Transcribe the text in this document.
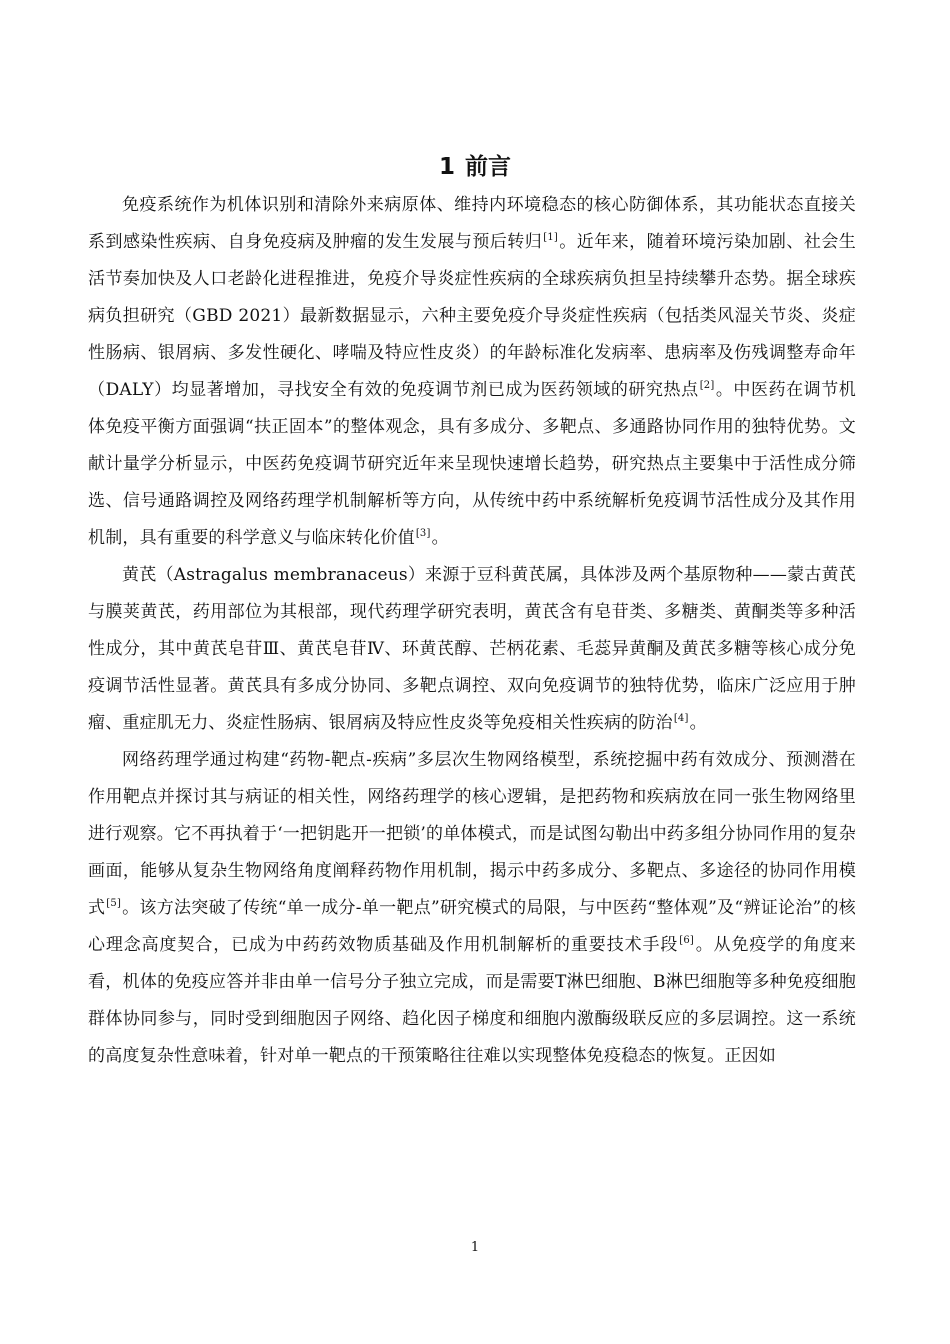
1 前言

免疫系统作为机体识别和清除外来病原体、维持内环境稳态的核心防御体系，其功能状态直接关系到感染性疾病、自身免疫病及肿瘤的发生发展与预后转归[1]。近年来，随着环境污染加剧、社会生活节奏加快及人口老龄化进程推进，免疫介导炎症性疾病的全球疾病负担呈持续攀升态势。据全球疾病负担研究（GBD 2021）最新数据显示，六种主要免疫介导炎症性疾病（包括类风湿关节炎、炎症性肠病、银屑病、多发性硬化、哮喘及特应性皮炎）的年龄标准化发病率、患病率及伤残调整寿命年（DALY）均显著增加，寻找安全有效的免疫调节剂已成为医药领域的研究热点[2]。中医药在调节机体免疫平衡方面强调“扶正固本”的整体观念，具有多成分、多靶点、多通路协同作用的独特优势。文献计量学分析显示，中医药免疫调节研究近年来呈现快速增长趋势，研究热点主要集中于活性成分筛选、信号通路调控及网络药理学机制解析等方向，从传统中药中系统解析免疫调节活性成分及其作用机制，具有重要的科学意义与临床转化价值[3]。

黄芪（Astragalus membranaceus）来源于豆科黄芪属，具体涉及两个基原物种——蒙古黄芪与膜荚黄芪，药用部位为其根部，现代药理学研究表明，黄芪含有皂苷类、多糖类、黄酮类等多种活性成分，其中黄芪皂苷Ⅲ、黄芪皂苷Ⅳ、环黄芪醇、芒柄花素、毛蕊异黄酮及黄芪多糖等核心成分免疫调节活性显著。黄芪具有多成分协同、多靶点调控、双向免疫调节的独特优势，临床广泛应用于肿瘤、重症肌无力、炎症性肠病、银屑病及特应性皮炎等免疫相关性疾病的防治[4]。

网络药理学通过构建“药物-靶点-疾病”多层次生物网络模型，系统挖掘中药有效成分、预测潜在作用靶点并探讨其与病证的相关性，网络药理学的核心逻辑，是把药物和疾病放在同一张生物网络里进行观察。它不再执着于‘一把钥匙开一把锁’的单体模式，而是试图勾勒出中药多组分协同作用的复杂画面，能够从复杂生物网络角度阐释药物作用机制，揭示中药多成分、多靶点、多途径的协同作用模式[5]。该方法突破了传统“单一成分-单一靶点”研究模式的局限，与中医药“整体观”及“辨证论治”的核心理念高度契合，已成为中药药效物质基础及作用机制解析的重要技术手段[6]。从免疫学的角度来看，机体的免疫应答并非由单一信号分子独立完成，而是需要T淋巴细胞、B淋巴细胞等多种免疫细胞群体协同参与，同时受到细胞因子网络、趋化因子梯度和细胞内激酶级联反应的多层调控。这一系统的高度复杂性意味着，针对单一靶点的干预策略往往难以实现整体免疫稳态的恢复。正因如

1
